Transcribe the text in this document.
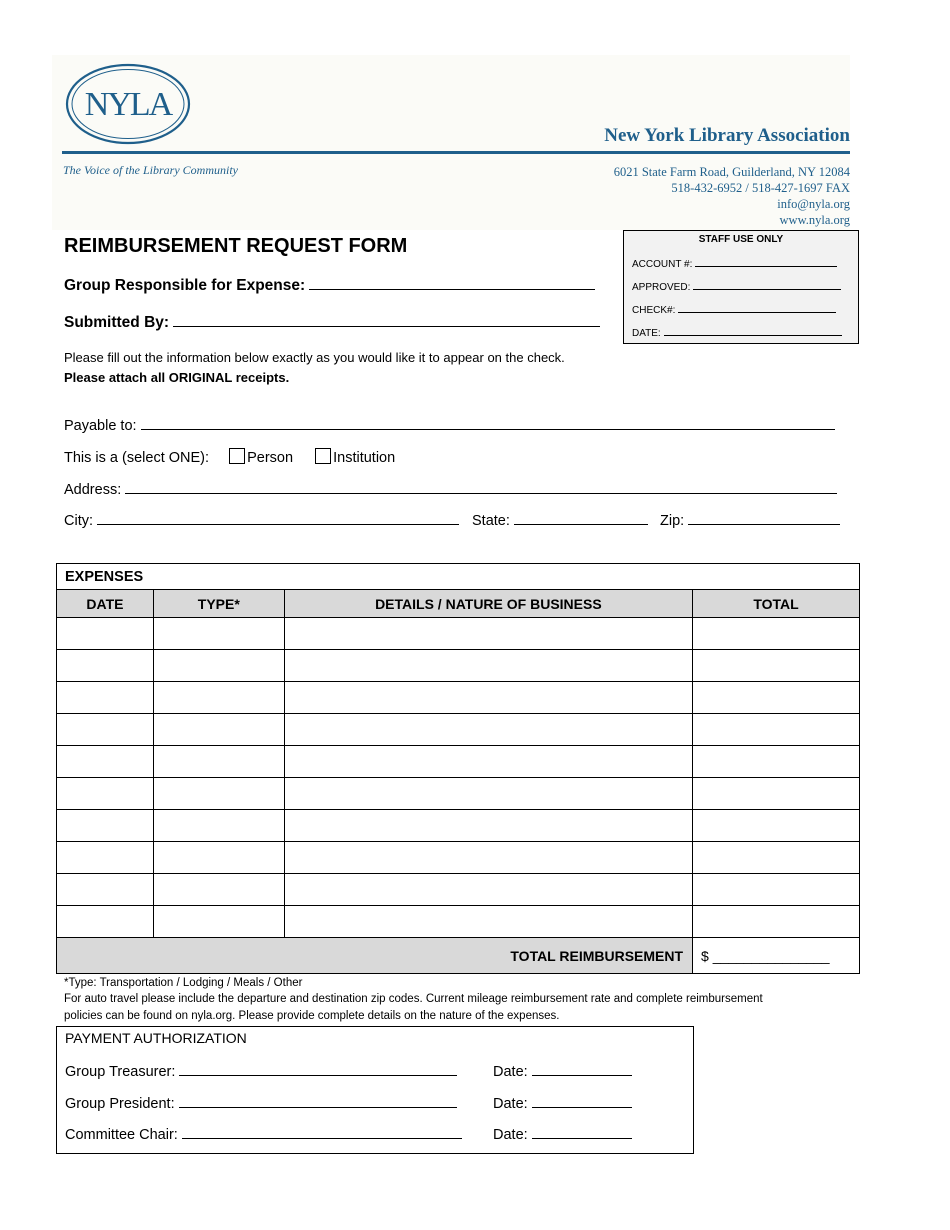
NYLA
New York Library Association
The Voice of the Library Community	6021 State Farm Road, Guilderland, NY 12084
518-432-6952 / 518-427-1697 FAX
info@nyla.org
www.nyla.org
REIMBURSEMENT REQUEST FORM
Group Responsible for Expense:
Submitted By:
STAFF USE ONLY
ACCOUNT #:
APPROVED:
CHECK#:
DATE:
Please fill out the information below exactly as you would like it to appear on the check.
Please attach all ORIGINAL receipts.
Payable to:
This is a (select ONE):	Person	Institution
Address:
City:	State:	Zip:
EXPENSES			
DATE	TYPE*	DETAILS / NATURE OF BUSINESS	TOTAL

TOTAL REIMBURSEMENT			$ _______________
*Type: Transportation / Lodging / Meals / Other
For auto travel please include the departure and destination zip codes. Current mileage reimbursement rate and complete reimbursement
policies can be found on nyla.org. Please provide complete details on the nature of the expenses.
PAYMENT AUTHORIZATION
Group Treasurer:	Date:
Group President:	Date:
Committee Chair:	Date:
